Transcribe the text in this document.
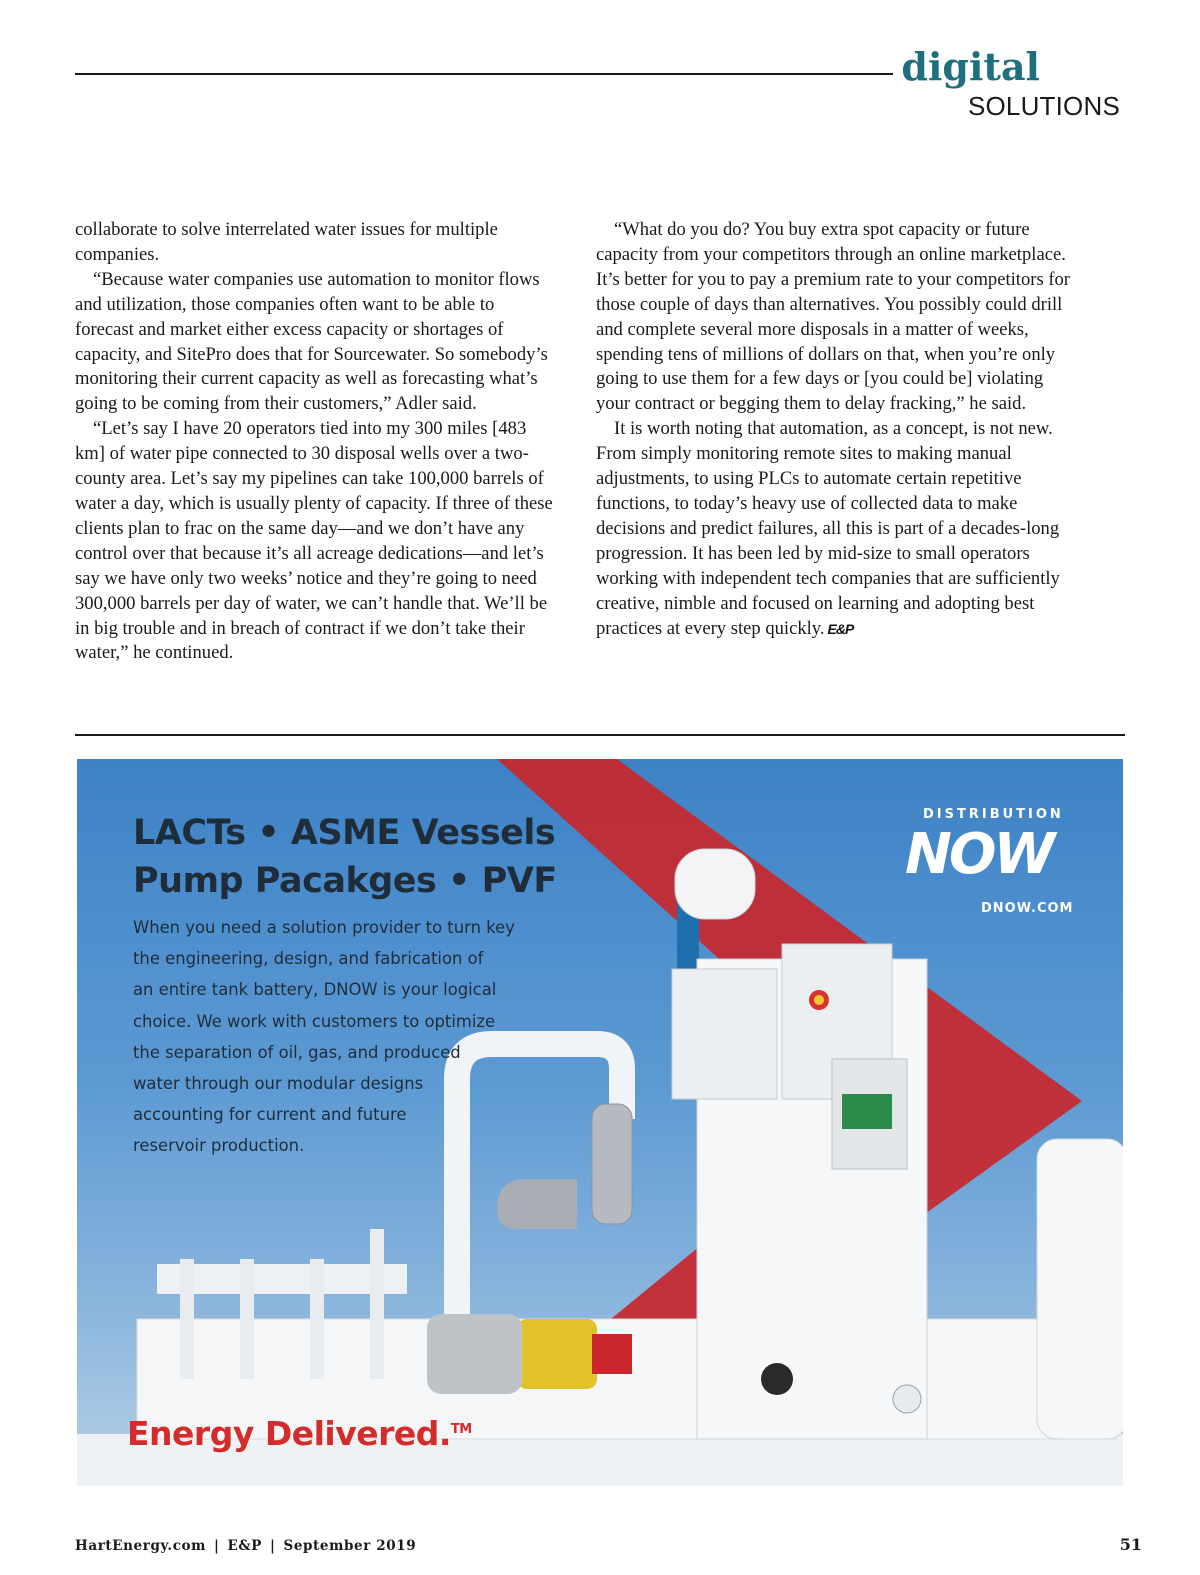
digital
SOLUTIONS

collaborate to solve interrelated water issues for multiple companies.

“Because water companies use automation to monitor flows and utilization, those companies often want to be able to forecast and market either excess capacity or shortages of capacity, and SitePro does that for Sourcewater. So somebody’s monitoring their current capacity as well as forecasting what’s going to be coming from their customers,” Adler said.

“Let’s say I have 20 operators tied into my 300 miles [483 km] of water pipe connected to 30 disposal wells over a two-county area. Let’s say my pipelines can take 100,000 barrels of water a day, which is usually plenty of capacity. If three of these clients plan to frac on the same day—and we don’t have any control over that because it’s all acreage dedications—and let’s say we have only two weeks’ notice and they’re going to need 300,000 barrels per day of water, we can’t handle that. We’ll be in big trouble and in breach of contract if we don’t take their water,” he continued.

“What do you do? You buy extra spot capacity or future capacity from your competitors through an online marketplace. It’s better for you to pay a premium rate to your competitors for those couple of days than alternatives. You possibly could drill and complete several more disposals in a matter of weeks, spending tens of millions of dollars on that, when you’re only going to use them for a few days or [you could be] violating your contract or begging them to delay fracking,” he said.

It is worth noting that automation, as a concept, is not new. From simply monitoring remote sites to making manual adjustments, to using PLCs to automate certain repetitive functions, to today’s heavy use of collected data to make decisions and predict failures, all this is part of a decades-long progression. It has been led by mid-size to small operators working with independent tech companies that are sufficiently creative, nimble and focused on learning and adopting best practices at every step quickly. E&P

LACTs • ASME Vessels
Pump Pacakges • PVF
When you need a solution provider to turn key
the engineering, design, and fabrication of
an entire tank battery, DNOW is your logical
choice. We work with customers to optimize
the separation of oil, gas, and produced
water through our modular designs
accounting for current and future
reservoir production.
DISTRIBUTION
NOW
DNOW.COM
Energy Delivered.™
HartEnergy.com | E&P | September 2019	51
